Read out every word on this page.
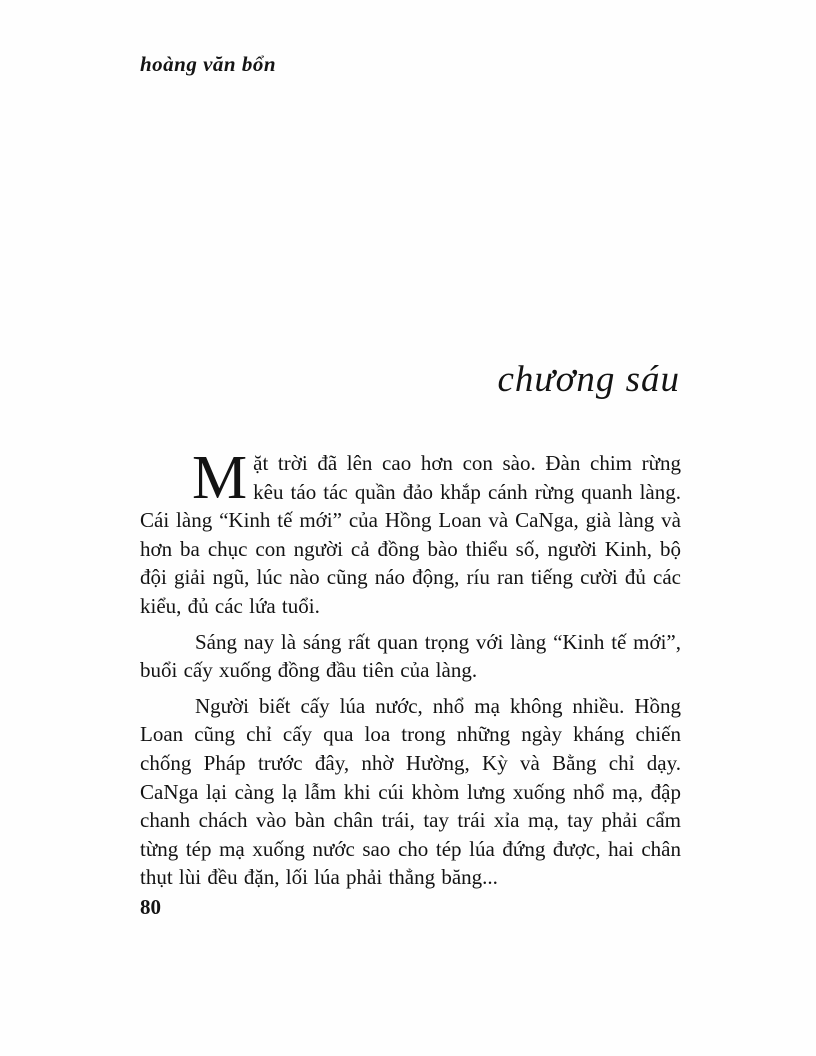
hoàng văn bổn
chương sáu

Mặt trời đã lên cao hơn con sào. Đàn chim rừng kêu táo tác quần đảo khắp cánh rừng quanh làng. Cái làng “Kinh tế mới” của Hồng Loan và CaNga, già làng và hơn ba chục con người cả đồng bào thiểu số, người Kinh, bộ đội giải ngũ, lúc nào cũng náo động, ríu ran tiếng cười đủ các kiểu, đủ các lứa tuổi.

Sáng nay là sáng rất quan trọng với làng “Kinh tế mới”, buổi cấy xuống đồng đầu tiên của làng.

Người biết cấy lúa nước, nhổ mạ không nhiều. Hồng Loan cũng chỉ cấy qua loa trong những ngày kháng chiến chống Pháp trước đây, nhờ Hường, Kỳ và Bằng chỉ dạy. CaNga lại càng lạ lẫm khi cúi khòm lưng xuống nhổ mạ, đập chanh chách vào bàn chân trái, tay trái xỉa mạ, tay phải cẩm từng tép mạ xuống nước sao cho tép lúa đứng được, hai chân thụt lùi đều đặn, lối lúa phải thẳng băng...

80
